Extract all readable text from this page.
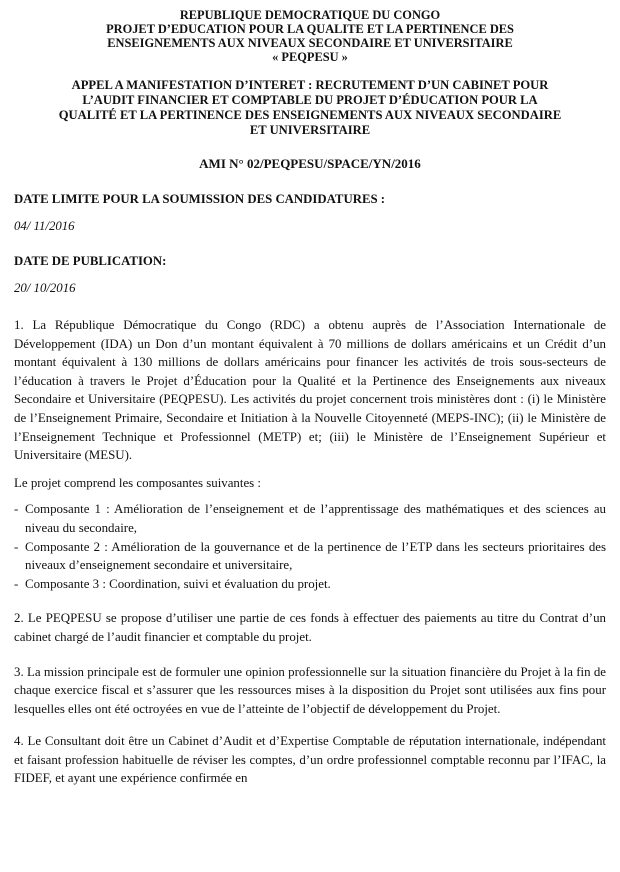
REPUBLIQUE DEMOCRATIQUE DU CONGO
PROJET D’EDUCATION POUR LA QUALITE ET LA PERTINENCE DES
ENSEIGNEMENTS AUX NIVEAUX SECONDAIRE ET UNIVERSITAIRE
« PEQPESU »
APPEL A MANIFESTATION D’INTERET : RECRUTEMENT D’UN CABINET POUR
L’AUDIT FINANCIER ET COMPTABLE DU PROJET D’ÉDUCATION POUR LA
QUALITÉ ET LA PERTINENCE DES ENSEIGNEMENTS AUX NIVEAUX SECONDAIRE
ET UNIVERSITAIRE
AMI N° 02/PEQPESU/SPACE/YN/2016
DATE LIMITE POUR LA SOUMISSION DES CANDIDATURES :
04/ 11/2016
DATE DE PUBLICATION:
20/ 10/2016
1. La République Démocratique du Congo (RDC) a obtenu auprès de l’Association Internationale de Développement (IDA) un Don d’un montant équivalent à 70 millions de dollars américains et un Crédit d’un montant équivalent à 130 millions de dollars américains pour financer les activités de trois sous-secteurs de l’éducation à travers le Projet d’Éducation pour la Qualité et la Pertinence des Enseignements aux niveaux Secondaire et Universitaire (PEQPESU). Les activités du projet concernent trois ministères dont : (i) le Ministère de l’Enseignement Primaire, Secondaire et Initiation à la Nouvelle Citoyenneté (MEPS-INC); (ii) le Ministère de l’Enseignement Technique et Professionnel (METP) et; (iii) le Ministère de l’Enseignement Supérieur et Universitaire (MESU).
Le projet comprend les composantes suivantes :
- Composante 1 : Amélioration de l’enseignement et de l’apprentissage des mathématiques et des sciences au niveau du secondaire,
- Composante 2 : Amélioration de la gouvernance et de la pertinence de l’ETP dans les secteurs prioritaires des niveaux d’enseignement secondaire et universitaire,
- Composante 3 : Coordination, suivi et évaluation du projet.
2. Le PEQPESU se propose d’utiliser une partie de ces fonds à effectuer des paiements au titre du Contrat d’un cabinet chargé de l’audit financier et comptable du projet.
3. La mission principale est de formuler une opinion professionnelle sur la situation financière du Projet à la fin de chaque exercice fiscal et s’assurer que les ressources mises à la disposition du Projet sont utilisées aux fins pour lesquelles elles ont été octroyées en vue de l’atteinte de l’objectif de développement du Projet.
4. Le Consultant doit être un Cabinet d’Audit et d’Expertise Comptable de réputation internationale, indépendant et faisant profession habituelle de réviser les comptes, d’un ordre professionnel comptable reconnu par l’IFAC, la FIDEF, et ayant une expérience confirmée en
